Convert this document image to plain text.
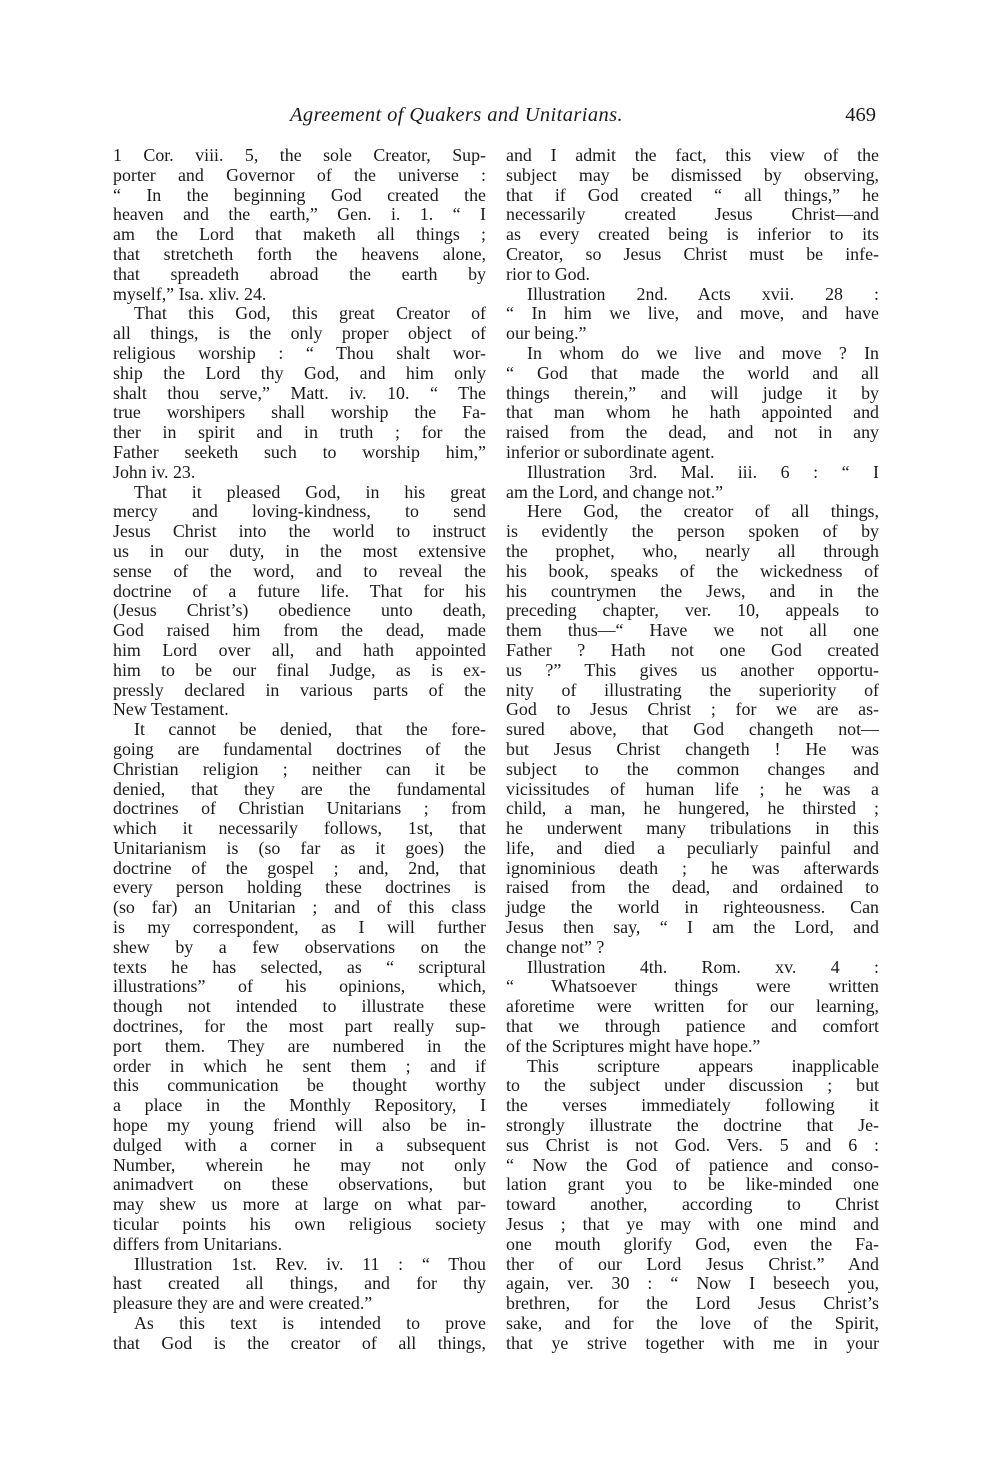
Agreement of Quakers and Unitarians.	469
1 Cor. viii. 5, the sole Creator, Sup-
porter and Governor of the universe :
“ In the beginning God created the
heaven and the earth,” Gen. i. 1. “ I
am the Lord that maketh all things ;
that stretcheth forth the heavens alone,
that spreadeth abroad the earth by
myself,” Isa. xliv. 24.
That this God, this great Creator of
all things, is the only proper object of
religious worship : “ Thou shalt wor-
ship the Lord thy God, and him only
shalt thou serve,” Matt. iv. 10. “ The
true worshipers shall worship the Fa-
ther in spirit and in truth ; for the
Father seeketh such to worship him,”
John iv. 23.
That it pleased God, in his great
mercy and loving-kindness, to send
Jesus Christ into the world to instruct
us in our duty, in the most extensive
sense of the word, and to reveal the
doctrine of a future life. That for his
(Jesus Christ’s) obedience unto death,
God raised him from the dead, made
him Lord over all, and hath appointed
him to be our final Judge, as is ex-
pressly declared in various parts of the
New Testament.
It cannot be denied, that the fore-
going are fundamental doctrines of the
Christian religion ; neither can it be
denied, that they are the fundamental
doctrines of Christian Unitarians ; from
which it necessarily follows, 1st, that
Unitarianism is (so far as it goes) the
doctrine of the gospel ; and, 2nd, that
every person holding these doctrines is
(so far) an Unitarian ; and of this class
is my correspondent, as I will further
shew by a few observations on the
texts he has selected, as “ scriptural
illustrations” of his opinions, which,
though not intended to illustrate these
doctrines, for the most part really sup-
port them. They are numbered in the
order in which he sent them ; and if
this communication be thought worthy
a place in the Monthly Repository, I
hope my young friend will also be in-
dulged with a corner in a subsequent
Number, wherein he may not only
animadvert on these observations, but
may shew us more at large on what par-
ticular points his own religious society
differs from Unitarians.
Illustration 1st. Rev. iv. 11 : “ Thou
hast created all things, and for thy
pleasure they are and were created.”
As this text is intended to prove
that God is the creator of all things,
and I admit the fact, this view of the
subject may be dismissed by observing,
that if God created “ all things,” he
necessarily created Jesus Christ—and
as every created being is inferior to its
Creator, so Jesus Christ must be infe-
rior to God.
Illustration 2nd. Acts xvii. 28 :
“ In him we live, and move, and have
our being.”
In whom do we live and move ? In
“ God that made the world and all
things therein,” and will judge it by
that man whom he hath appointed and
raised from the dead, and not in any
inferior or subordinate agent.
Illustration 3rd. Mal. iii. 6 : “ I
am the Lord, and change not.”
Here God, the creator of all things,
is evidently the person spoken of by
the prophet, who, nearly all through
his book, speaks of the wickedness of
his countrymen the Jews, and in the
preceding chapter, ver. 10, appeals to
them thus—“ Have we not all one
Father ? Hath not one God created
us ?” This gives us another opportu-
nity of illustrating the superiority of
God to Jesus Christ ; for we are as-
sured above, that God changeth not—
but Jesus Christ changeth ! He was
subject to the common changes and
vicissitudes of human life ; he was a
child, a man, he hungered, he thirsted ;
he underwent many tribulations in this
life, and died a peculiarly painful and
ignominious death ; he was afterwards
raised from the dead, and ordained to
judge the world in righteousness. Can
Jesus then say, “ I am the Lord, and
change not” ?
Illustration 4th. Rom. xv. 4 :
“ Whatsoever things were written
aforetime were written for our learning,
that we through patience and comfort
of the Scriptures might have hope.”
This scripture appears inapplicable
to the subject under discussion ; but
the verses immediately following it
strongly illustrate the doctrine that Je-
sus Christ is not God. Vers. 5 and 6 :
“ Now the God of patience and conso-
lation grant you to be like-minded one
toward another, according to Christ
Jesus ; that ye may with one mind and
one mouth glorify God, even the Fa-
ther of our Lord Jesus Christ.” And
again, ver. 30 : “ Now I beseech you,
brethren, for the Lord Jesus Christ’s
sake, and for the love of the Spirit,
that ye strive together with me in your
